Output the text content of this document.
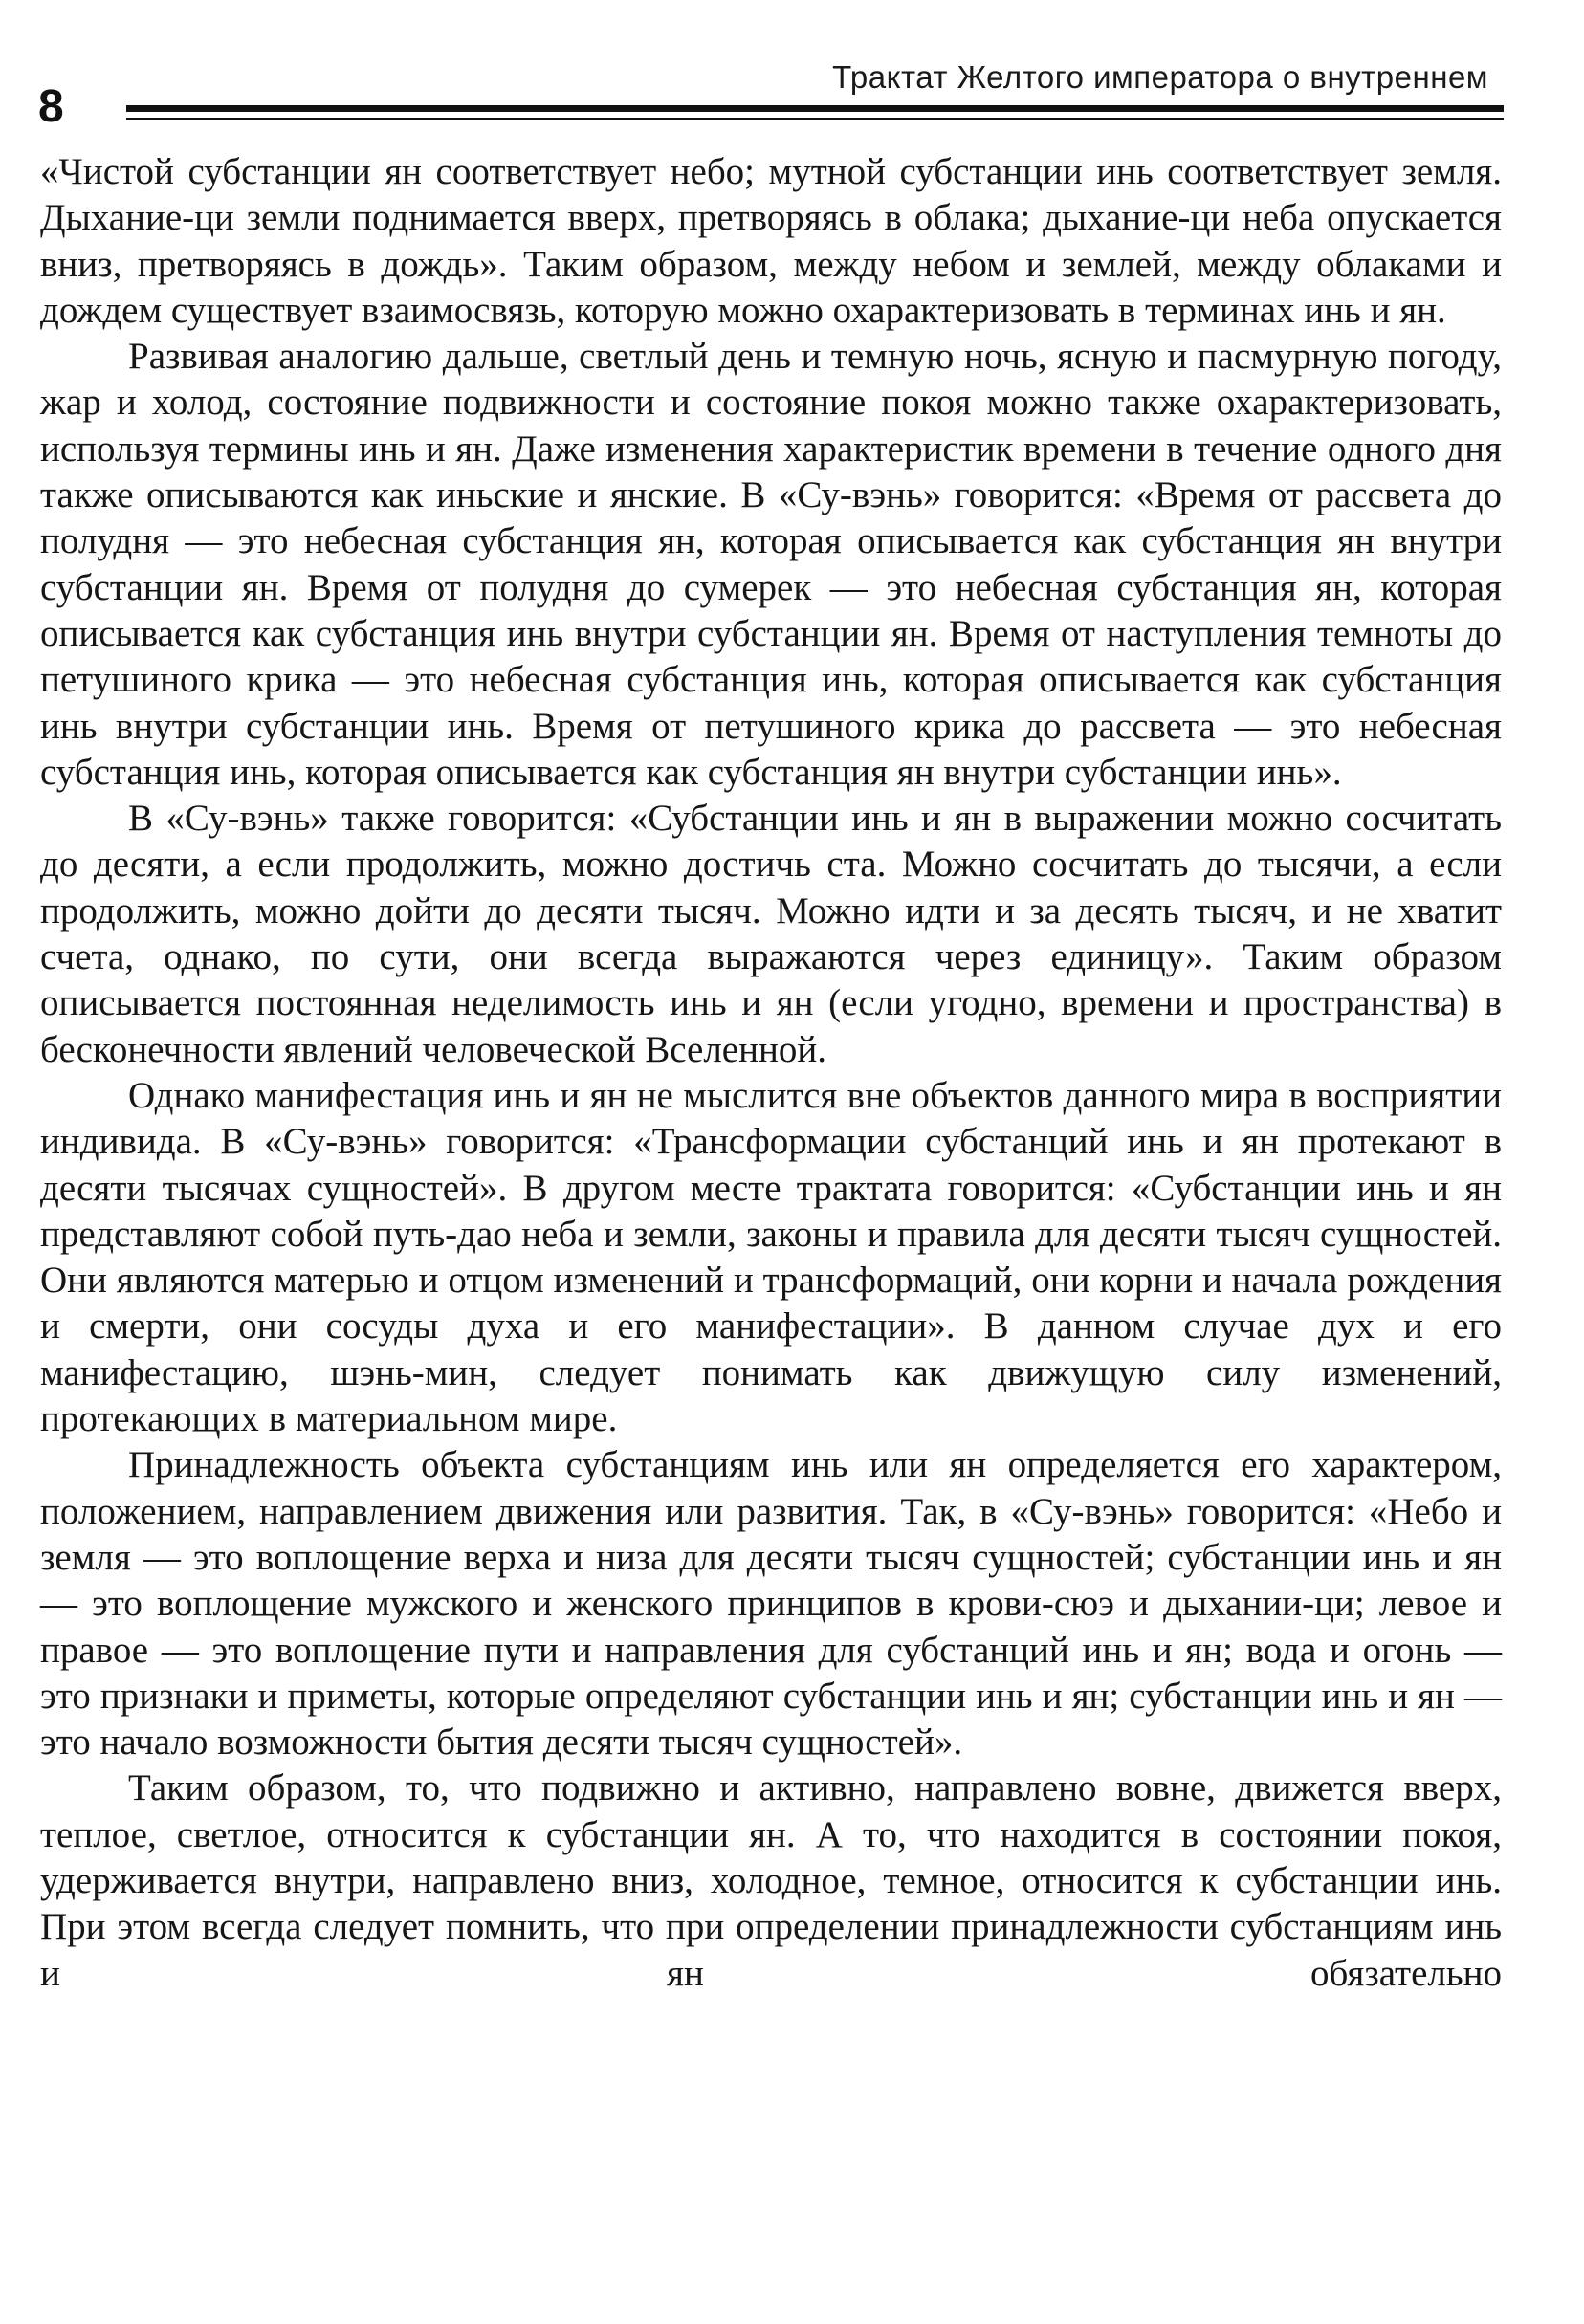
8
Трактат Желтого императора о внутреннем

«Чистой субстанции ян соответствует небо; мутной субстанции инь соответствует земля. Дыхание-ци земли поднимается вверх, претворяясь в облака; дыхание-ци неба опускается вниз, претворяясь в дождь». Таким образом, между небом и землей, между облаками и дождем существует взаимосвязь, которую можно охарактеризовать в терминах инь и ян.

Развивая аналогию дальше, светлый день и темную ночь, ясную и пасмурную погоду, жар и холод, состояние подвижности и состояние покоя можно также охарактеризовать, используя термины инь и ян. Даже изменения характеристик времени в течение одного дня также описываются как иньские и янские. В «Су-вэнь» говорится: «Время от рассвета до полудня — это небесная субстанция ян, которая описывается как субстанция ян внутри субстанции ян. Время от полудня до сумерек — это небесная субстанция ян, которая описывается как субстанция инь внутри субстанции ян. Время от наступления темноты до петушиного крика — это небесная субстанция инь, которая описывается как субстанция инь внутри субстанции инь. Время от петушиного крика до рассвета — это небесная субстанция инь, которая описывается как субстанция ян внутри субстанции инь».

В «Су-вэнь» также говорится: «Субстанции инь и ян в выражении можно сосчитать до десяти, а если продолжить, можно достичь ста. Можно сосчитать до тысячи, а если продолжить, можно дойти до десяти тысяч. Можно идти и за десять тысяч, и не хватит счета, однако, по сути, они всегда выражаются через единицу». Таким образом описывается постоянная неделимость инь и ян (если угодно, времени и пространства) в бесконечности явлений человеческой Вселенной.

Однако манифестация инь и ян не мыслится вне объектов данного мира в восприятии индивида. В «Су-вэнь» говорится: «Трансформации субстанций инь и ян протекают в десяти тысячах сущностей». В другом месте трактата говорится: «Субстанции инь и ян представляют собой путь-дао неба и земли, законы и правила для десяти тысяч сущностей. Они являются матерью и отцом изменений и трансформаций, они корни и начала рождения и смерти, они сосуды духа и его манифестации». В данном случае дух и его манифестацию, шэнь-мин, следует понимать как движущую силу изменений, протекающих в материальном мире.

Принадлежность объекта субстанциям инь или ян определяется его характером, положением, направлением движения или развития. Так, в «Су-вэнь» говорится: «Небо и земля — это воплощение верха и низа для десяти тысяч сущностей; субстанции инь и ян — это воплощение мужского и женского принципов в крови-сюэ и дыхании-ци; левое и правое — это воплощение пути и направления для субстанций инь и ян; вода и огонь — это признаки и приметы, которые определяют субстанции инь и ян; субстанции инь и ян — это начало возможности бытия десяти тысяч сущностей».

Таким образом, то, что подвижно и активно, направлено вовне, движется вверх, теплое, светлое, относится к субстанции ян. А то, что находится в состоянии покоя, удерживается внутри, направлено вниз, холодное, темное, относится к субстанции инь. При этом всегда следует помнить, что при определении принадлежности субстанциям инь и ян обязательно
